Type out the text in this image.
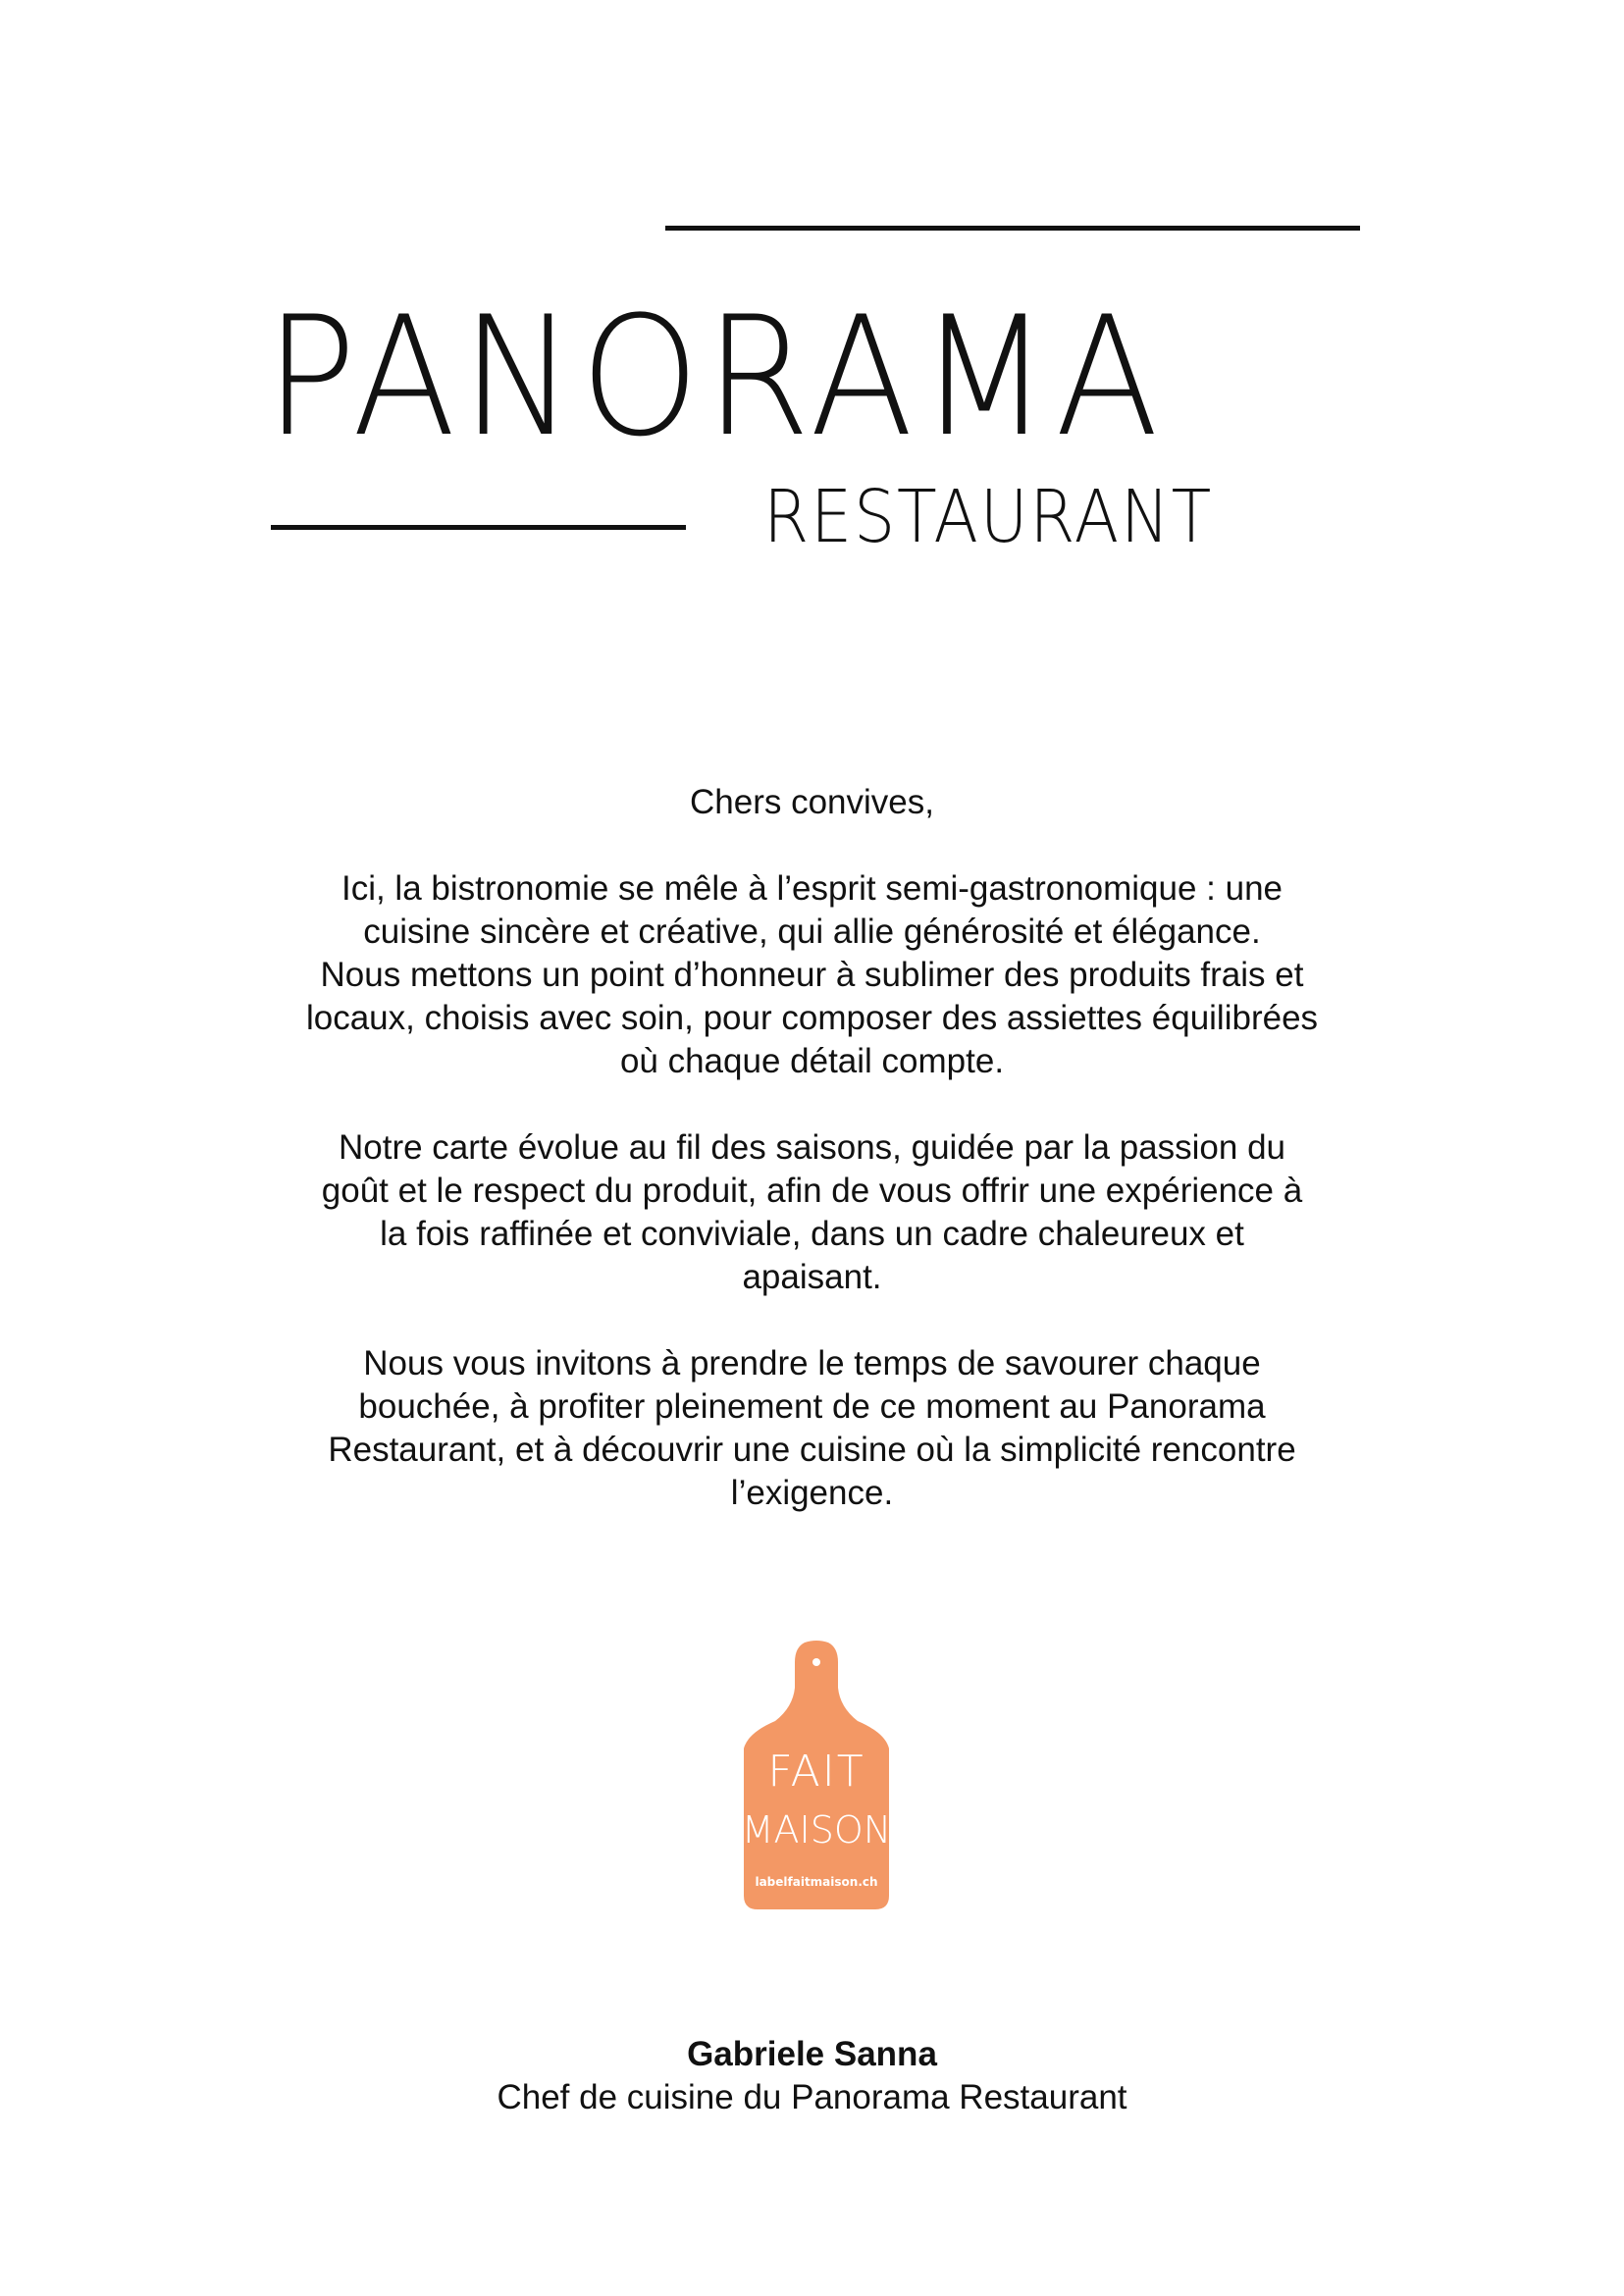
PANORAMA
RESTAURANT

Chers convives,

Ici, la bistronomie se mêle à l’esprit semi-gastronomique : une
cuisine sincère et créative, qui allie générosité et élégance.
Nous mettons un point d’honneur à sublimer des produits frais et
locaux, choisis avec soin, pour composer des assiettes équilibrées
où chaque détail compte.

Notre carte évolue au fil des saisons, guidée par la passion du
goût et le respect du produit, afin de vous offrir une expérience à
la fois raffinée et conviviale, dans un cadre chaleureux et
apaisant.

Nous vous invitons à prendre le temps de savourer chaque
bouchée, à profiter pleinement de ce moment au Panorama
Restaurant, et à découvrir une cuisine où la simplicité rencontre
l’exigence.

FAIT
MAISON
labelfaitmaison.ch
Gabriele Sanna
Chef de cuisine du Panorama Restaurant
